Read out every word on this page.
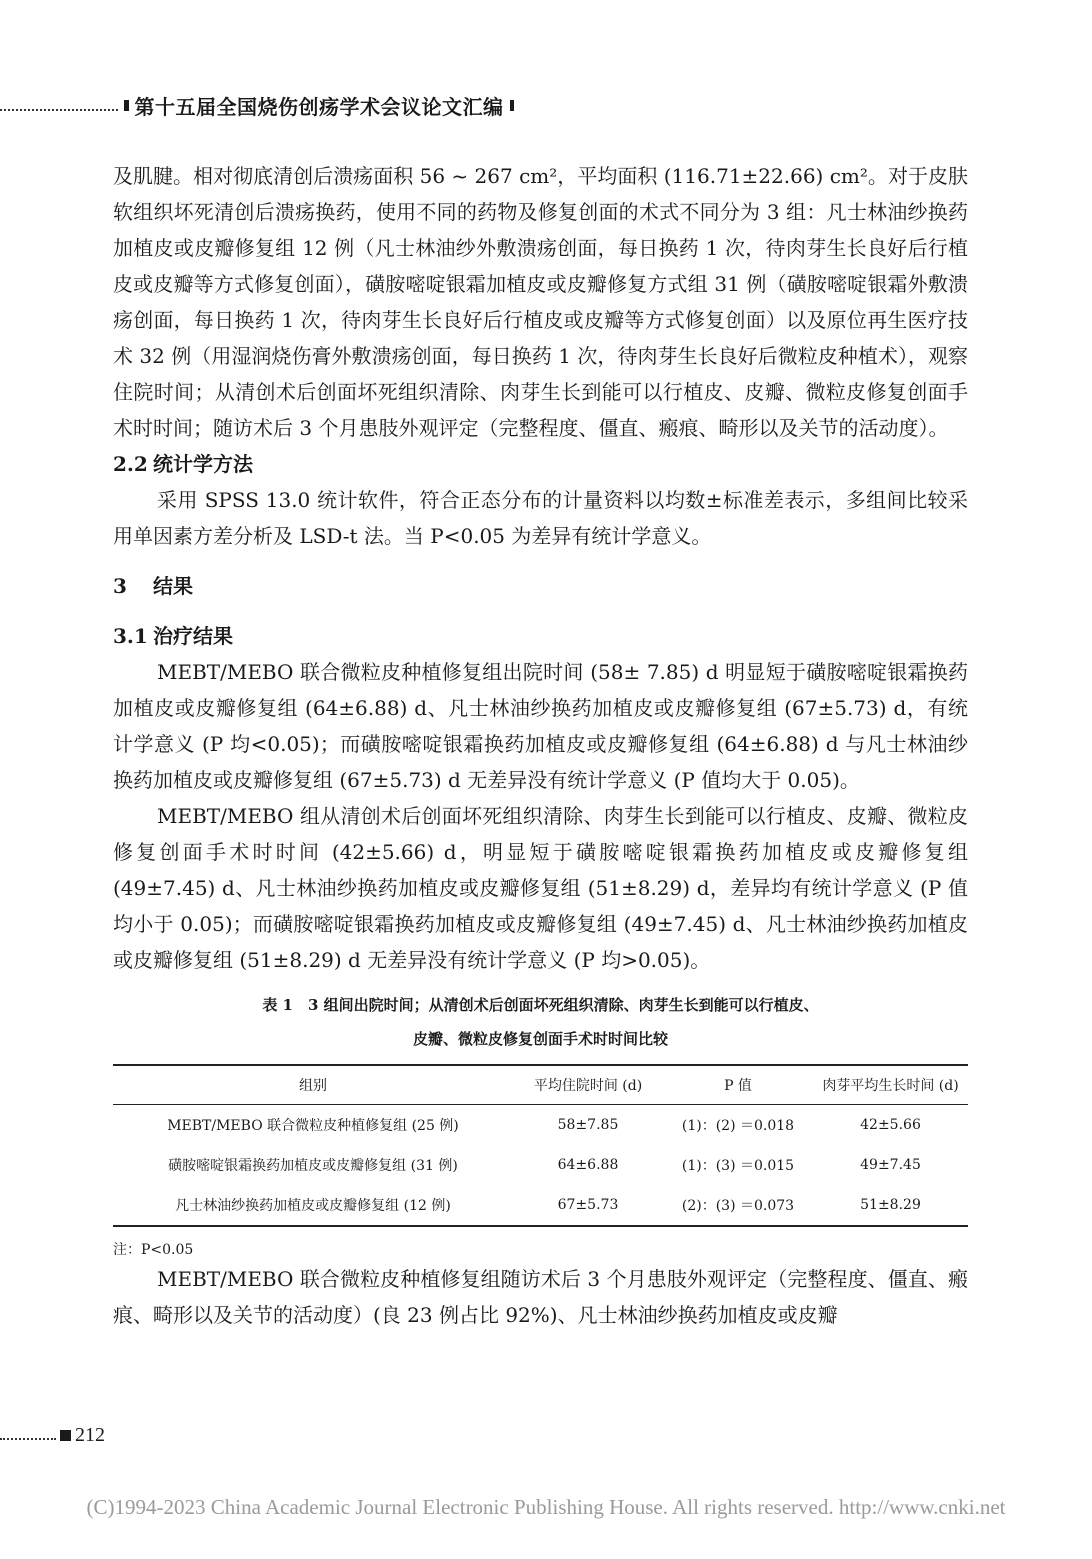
第十五届全国烧伤创疡学术会议论文汇编

及肌腱。相对彻底清创后溃疡面积 56 ~ 267 cm²，平均面积 (116.71±22.66) cm²。对于皮肤软组织坏死清创后溃疡换药，使用不同的药物及修复创面的术式不同分为 3 组：凡士林油纱换药加植皮或皮瓣修复组 12 例（凡士林油纱外敷溃疡创面，每日换药 1 次，待肉芽生长良好后行植皮或皮瓣等方式修复创面），磺胺嘧啶银霜加植皮或皮瓣修复方式组 31 例（磺胺嘧啶银霜外敷溃疡创面，每日换药 1 次，待肉芽生长良好后行植皮或皮瓣等方式修复创面）以及原位再生医疗技术 32 例（用湿润烧伤膏外敷溃疡创面，每日换药 1 次，待肉芽生长良好后微粒皮种植术），观察住院时间；从清创术后创面坏死组织清除、肉芽生长到能可以行植皮、皮瓣、微粒皮修复创面手术时时间；随访术后 3 个月患肢外观评定（完整程度、僵直、瘢痕、畸形以及关节的活动度）。

2.2 统计学方法

采用 SPSS 13.0 统计软件，符合正态分布的计量资料以均数±标准差表示，多组间比较采用单因素方差分析及 LSD-t 法。当 P<0.05 为差异有统计学意义。

3 结果
3.1 治疗结果

MEBT/MEBO 联合微粒皮种植修复组出院时间 (58± 7.85) d 明显短于磺胺嘧啶银霜换药加植皮或皮瓣修复组 (64±6.88) d、凡士林油纱换药加植皮或皮瓣修复组 (67±5.73) d，有统计学意义 (P 均<0.05)；而磺胺嘧啶银霜换药加植皮或皮瓣修复组 (64±6.88) d 与凡士林油纱换药加植皮或皮瓣修复组 (67±5.73) d 无差异没有统计学意义 (P 值均大于 0.05)。

MEBT/MEBO 组从清创术后创面坏死组织清除、肉芽生长到能可以行植皮、皮瓣、微粒皮修复创面手术时时间 (42±5.66) d，明显短于磺胺嘧啶银霜换药加植皮或皮瓣修复组 (49±7.45) d、凡士林油纱换药加植皮或皮瓣修复组 (51±8.29) d，差异均有统计学意义 (P 值均小于 0.05)；而磺胺嘧啶银霜换药加植皮或皮瓣修复组 (49±7.45) d、凡士林油纱换药加植皮或皮瓣修复组 (51±8.29) d 无差异没有统计学意义 (P 均>0.05)。

表 1　3 组间出院时间；从清创术后创面坏死组织清除、肉芽生长到能可以行植皮、
皮瓣、微粒皮修复创面手术时时间比较
组别	平均住院时间 (d)	P 值	肉芽平均生长时间 (d)
MEBT/MEBO 联合微粒皮种植修复组 (25 例)	58±7.85	(1)：(2) ＝0.018	42±5.66
磺胺嘧啶银霜换药加植皮或皮瓣修复组 (31 例)	64±6.88	(1)：(3) ＝0.015	49±7.45
凡士林油纱换药加植皮或皮瓣修复组 (12 例)	67±5.73	(2)：(3) ＝0.073	51±8.29
注：P<0.05

MEBT/MEBO 联合微粒皮种植修复组随访术后 3 个月患肢外观评定（完整程度、僵直、瘢痕、畸形以及关节的活动度）(良 23 例占比 92%)、凡士林油纱换药加植皮或皮瓣

212
(C)1994-2023 China Academic Journal Electronic Publishing House. All rights reserved. http://www.cnki.net
